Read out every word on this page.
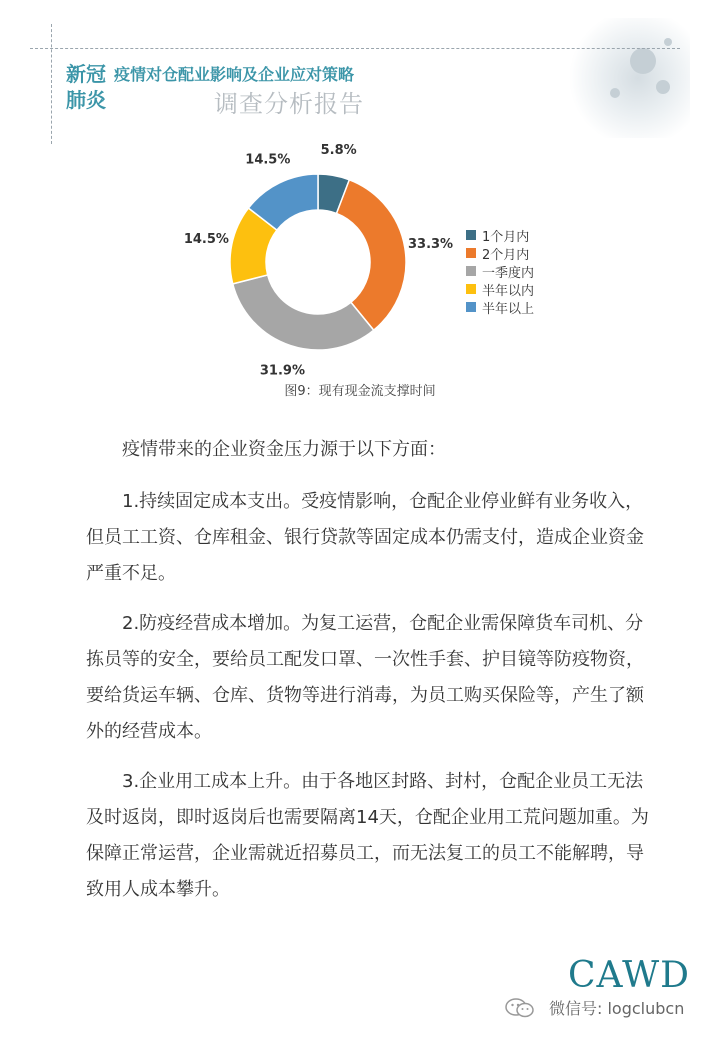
新冠
肺炎
疫情对仓配业影响及企业应对策略
调查分析报告
5.8%
33.3%
31.9%
14.5%
14.5%
1个月内
2个月内
一季度内
半年以内
半年以上
图9：现有现金流支撑时间

疫情带来的企业资金压力源于以下方面：

1.持续固定成本支出。受疫情影响，仓配企业停业鲜有业务收入，但员工工资、仓库租金、银行贷款等固定成本仍需支付，造成企业资金严重不足。

2.防疫经营成本增加。为复工运营，仓配企业需保障货车司机、分拣员等的安全，要给员工配发口罩、一次性手套、护目镜等防疫物资，要给货运车辆、仓库、货物等进行消毒，为员工购买保险等，产生了额外的经营成本。

3.企业用工成本上升。由于各地区封路、封村，仓配企业员工无法及时返岗，即时返岗后也需要隔离14天，仓配企业用工荒问题加重。为保障正常运营，企业需就近招募员工，而无法复工的员工不能解聘，导致用人成本攀升。

CAWD
微信号: logclubcn
